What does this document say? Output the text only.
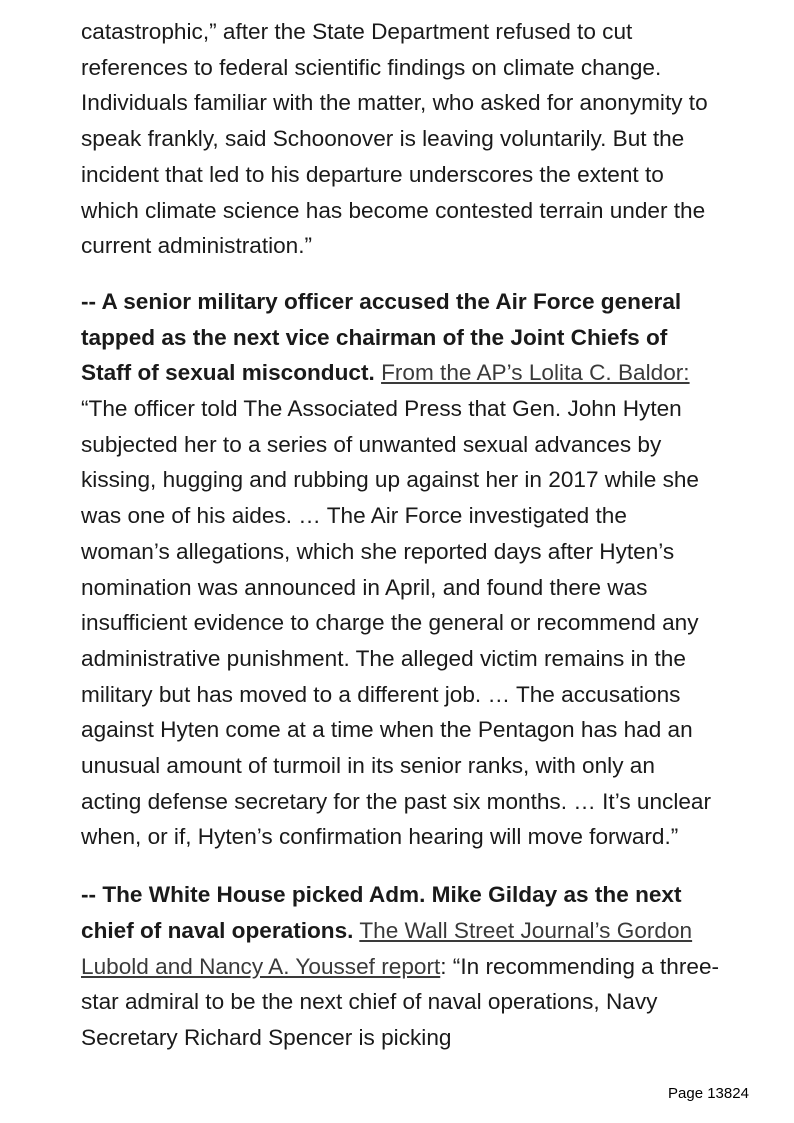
catastrophic,” after the State Department refused to cut references to federal scientific findings on climate change. Individuals familiar with the matter, who asked for anonymity to speak frankly, said Schoonover is leaving voluntarily. But the incident that led to his departure underscores the extent to which climate science has become contested terrain under the current administration.”

-- A senior military officer accused the Air Force general tapped as the next vice chairman of the Joint Chiefs of Staff of sexual misconduct. From the AP’s Lolita C. Baldor: “The officer told The Associated Press that Gen. John Hyten subjected her to a series of unwanted sexual advances by kissing, hugging and rubbing up against her in 2017 while she was one of his aides. … The Air Force investigated the woman’s allegations, which she reported days after Hyten’s nomination was announced in April, and found there was insufficient evidence to charge the general or recommend any administrative punishment. The alleged victim remains in the military but has moved to a different job. … The accusations against Hyten come at a time when the Pentagon has had an unusual amount of turmoil in its senior ranks, with only an acting defense secretary for the past six months. … It’s unclear when, or if, Hyten’s confirmation hearing will move forward.”

-- The White House picked Adm. Mike Gilday as the next chief of naval operations. The Wall Street Journal’s Gordon Lubold and Nancy A. Youssef report: “In recommending a three-star admiral to be the next chief of naval operations, Navy Secretary Richard Spencer is picking

Page 13824
